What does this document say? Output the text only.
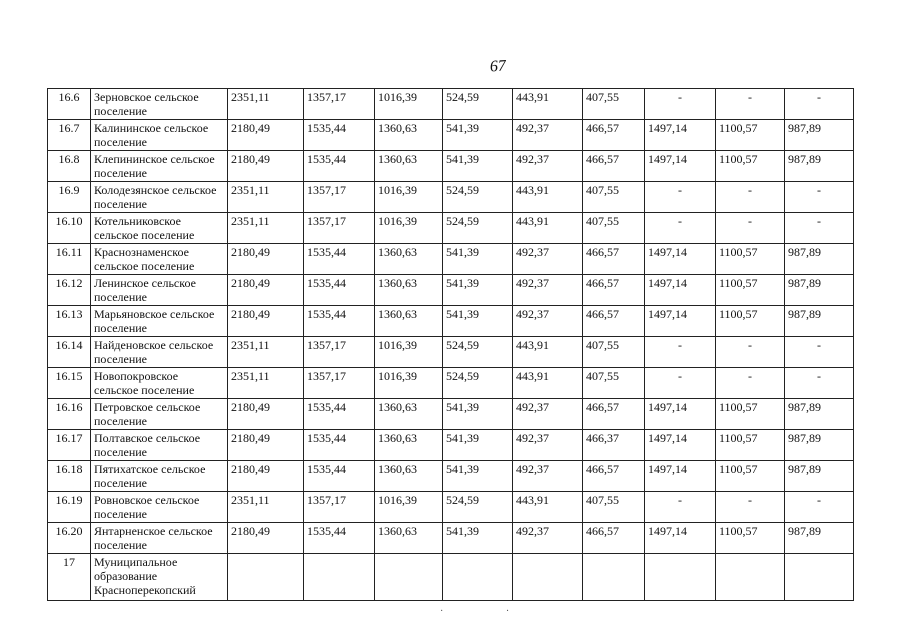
67
16.6	Зерновское сельское поселение	2351,11	1357,17	1016,39	524,59	443,91	407,55	-	-	-
16.7	Калининское сельское поселение	2180,49	1535,44	1360,63	541,39	492,37	466,57	1497,14	1100,57	987,89
16.8	Клепининское сельское поселение	2180,49	1535,44	1360,63	541,39	492,37	466,57	1497,14	1100,57	987,89
16.9	Колодезянское сельское поселение	2351,11	1357,17	1016,39	524,59	443,91	407,55	-	-	-
16.10	Котельниковское сельское поселение	2351,11	1357,17	1016,39	524,59	443,91	407,55	-	-	-
16.11	Краснознаменское сельское поселение	2180,49	1535,44	1360,63	541,39	492,37	466,57	1497,14	1100,57	987,89
16.12	Ленинское сельское поселение	2180,49	1535,44	1360,63	541,39	492,37	466,57	1497,14	1100,57	987,89
16.13	Марьяновское сельское поселение	2180,49	1535,44	1360,63	541,39	492,37	466,57	1497,14	1100,57	987,89
16.14	Найденовское сельское поселение	2351,11	1357,17	1016,39	524,59	443,91	407,55	-	-	-
16.15	Новопокровское сельское поселение	2351,11	1357,17	1016,39	524,59	443,91	407,55	-	-	-
16.16	Петровское сельское поселение	2180,49	1535,44	1360,63	541,39	492,37	466,57	1497,14	1100,57	987,89
16.17	Полтавское сельское поселение	2180,49	1535,44	1360,63	541,39	492,37	466,37	1497,14	1100,57	987,89
16.18	Пятихатское сельское поселение	2180,49	1535,44	1360,63	541,39	492,37	466,57	1497,14	1100,57	987,89
16.19	Ровновское сельское поселение	2351,11	1357,17	1016,39	524,59	443,91	407,55	-	-	-
16.20	Янтарненское сельское поселение	2180,49	1535,44	1360,63	541,39	492,37	466,57	1497,14	1100,57	987,89
17	Муниципальное образование Красноперекопский									
· ·
